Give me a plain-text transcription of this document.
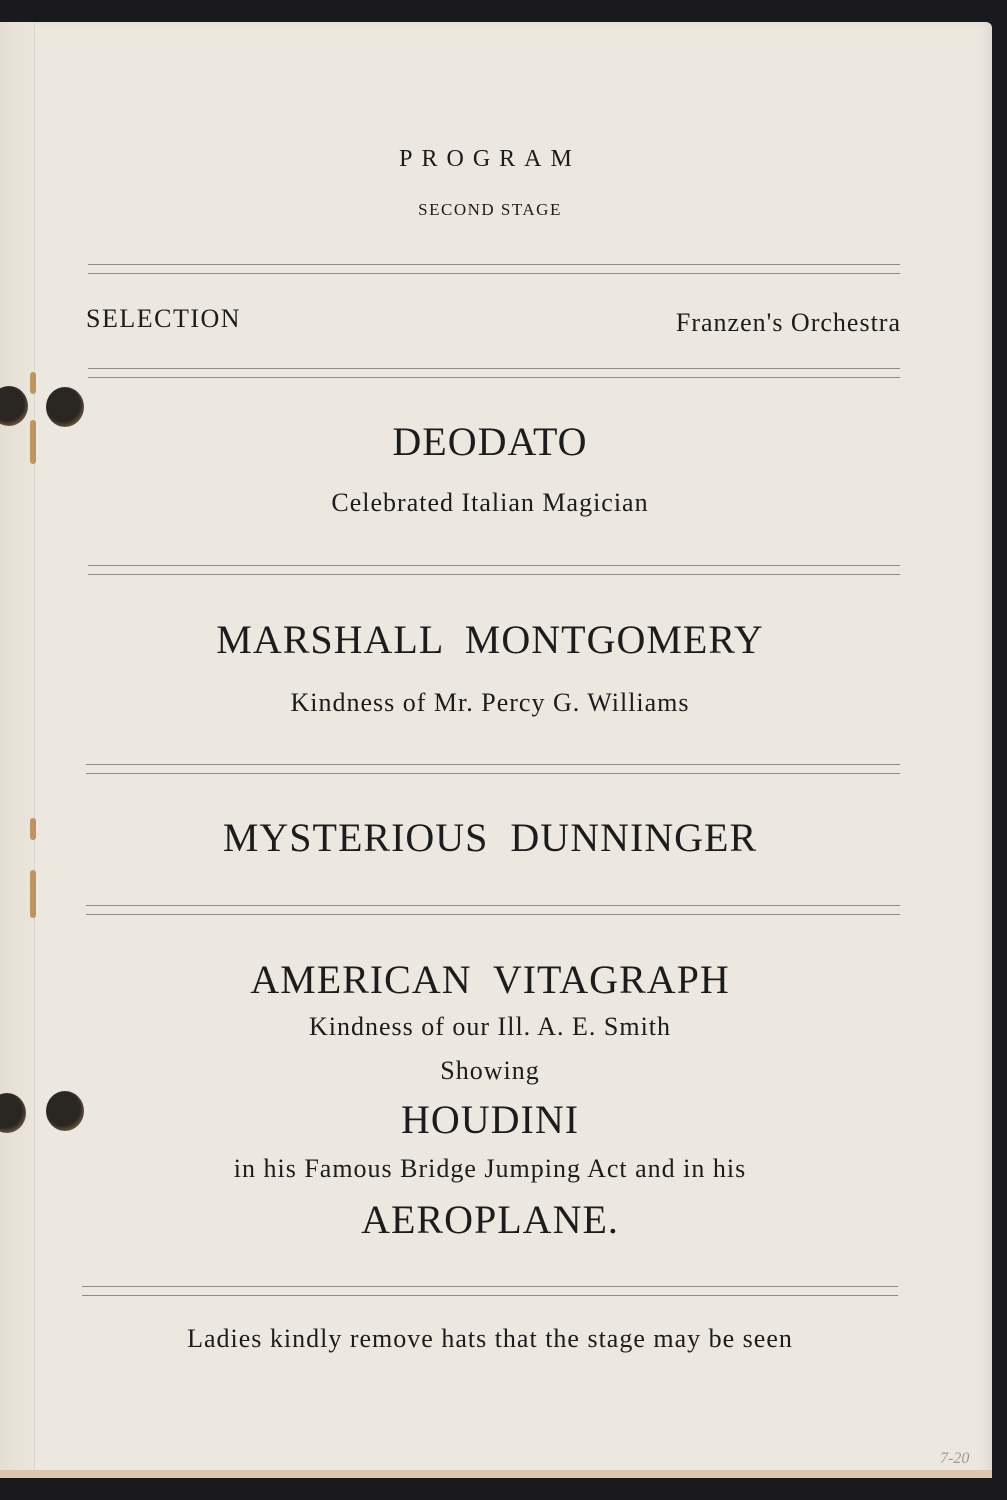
PROGRAM
SECOND STAGE
SELECTION	Franzen's Orchestra
DEODATO
Celebrated Italian Magician
MARSHALL  MONTGOMERY
Kindness of Mr. Percy G. Williams
MYSTERIOUS  DUNNINGER
AMERICAN  VITAGRAPH
Kindness of our Ill. A. E. Smith
Showing
HOUDINI
in his Famous Bridge Jumping Act and in his
AEROPLANE.
Ladies kindly remove hats that the stage may be seen
7-20
